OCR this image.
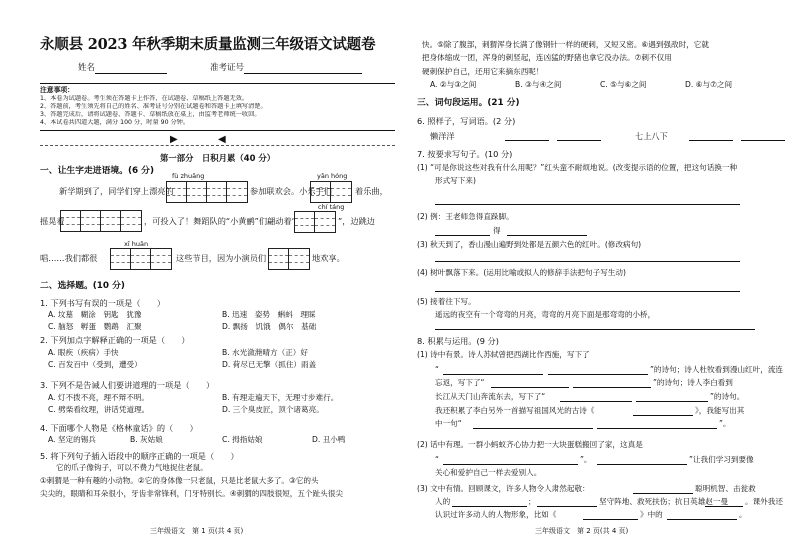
永顺县 2023 年秋季期末质量监测三年级语文试题卷
姓名	准考证号
注意事项：
1、本卷为试题卷。考生须在答题卡上作答，在试题卷、草稿纸上答题无效。
2、答题前，考生须先将自己的姓名、准考证号分别在试题卷和答题卡上填写清楚。
3、答题完成后，请将试题卷、答题卡、草稿纸放在桌上，由监考老师统一收回。
4、本试卷共四道大题，满分 100 分，时量 90 分钟。
▶	◀
第一部分　日积月累（40 分）
一、让生字走进语境。(6 分)	fù zhuāng	yān hóng
新学期到了，同学们穿上漂亮的	参加联欢会。小乐手们	着乐曲，
chí táng
摇晃着	，可投入了！舞蹈队的“小黄鹂”们翩动着“	”，边跳边
xī huān
唱……我们都很	这些节目，因为小演员们	地欢享。
二、选择题。(10 分)
1. 下列书写有误的一项是（　　）
A. 坟墓　糊涂　钥匙　犹豫	B. 迅速　姿势　蝌蚪　理睬
C. 脑怒　孵蛋　鹦鹉　汇聚	D. 飘扬　饥饿　偶尔　基础
2. 下列加点字解释正确的一项是（　　）
A. 眼疾（疾病）手快	B. 水光潋滟晴方（正）好
C. 百发百中（受到，遭受）	D. 荷尽已无擎（抓住）雨盖
3. 下列不是告诫人们要讲道理的一项是（　　）
A. 灯不拨不亮，理不辩不明。	B. 有理走遍天下，无理寸步难行。
C. 劈柴看纹理，讲话凭道理。	D. 三个臭皮匠，顶个诸葛亮。
4. 下面哪个人物是《格林童话》的（　　）
A. 坚定的锡兵	B. 灰姑娘	C. 拇指姑娘	D. 丑小鸭
5. 将下列句子插入语段中的顺序正确的一项是（　　）
它的爪子像钩子，可以不费力气地捉住老鼠。
①刺猬是一种有趣的小动物。②它的身体像一只老鼠，只是比老鼠大多了。③它的头
尖尖的，眼睛和耳朵很小，牙齿非常锋利，门牙特别长。④刺猬的四肢很短，五个趾头很尖
三年级语文　第 1 页(共 4 页)
快。⑤除了腹部，刺猬浑身长满了像钢针一样的硬刺，又短又密。⑥遇到强敌时，它就
把身体缩成一团，浑身的刺竖起，连凶猛的野猪也拿它没办法。⑦刺不仅用
硬刺保护自己，还用它来摘东西呢！
A. ②与③之间	B. ③与④之间	C. ⑤与⑥之间	D. ⑥与⑦之间
三、词句段运用。(21 分)
6. 照样子，写词语。(2 分)
懒洋洋	七上八下
7. 按要求写句子。(10 分)
(1) “可是你说这些对我有什么用呢？”红头蛮不耐烦地说。(改变提示语的位置，把这句话换一种
形式写下来)
(2) 例：王老师急得直跺脚。
得
(3) 秋天到了，香山漫山遍野到处都是五颜六色的红叶。(修改病句)
(4) 树叶飘落下来。(运用比喻或拟人的修辞手法把句子写生动)
(5) 接着往下写。
遥远的夜空有一个弯弯的月亮，弯弯的月亮下面是那弯弯的小桥，
8. 积累与运用。(9 分)
(1) 诗中有景。诗人苏轼曾把西湖比作西施，写下了
“	”的诗句；诗人杜牧看到漫山红叶，流连
忘返，写下了“	”的诗句；诗人李白看到
长江从天门山奔流东去，写下了“	”的诗句。
我还积累了李白另外一首描写祖国风光的古诗《	》，我能写出其
中一句“	”。
(2) 话中有理。一群小蚂蚁齐心协力把一大块蛋糕搬回了家，这真是
“	”。	”让我们学习到要像
关心和爱护自己一样去爱别人。
(3) 文中有情。回顾课文，许多人物令人肃然起敬：	聪明机智、击瓮救
人的	；	坚守阵地、救死扶伤；抗日英雄赵一曼 。课外我还
认识过许多动人的人物形象，比如《	》中的	。
三年级语文　第 2 页(共 4 页)
